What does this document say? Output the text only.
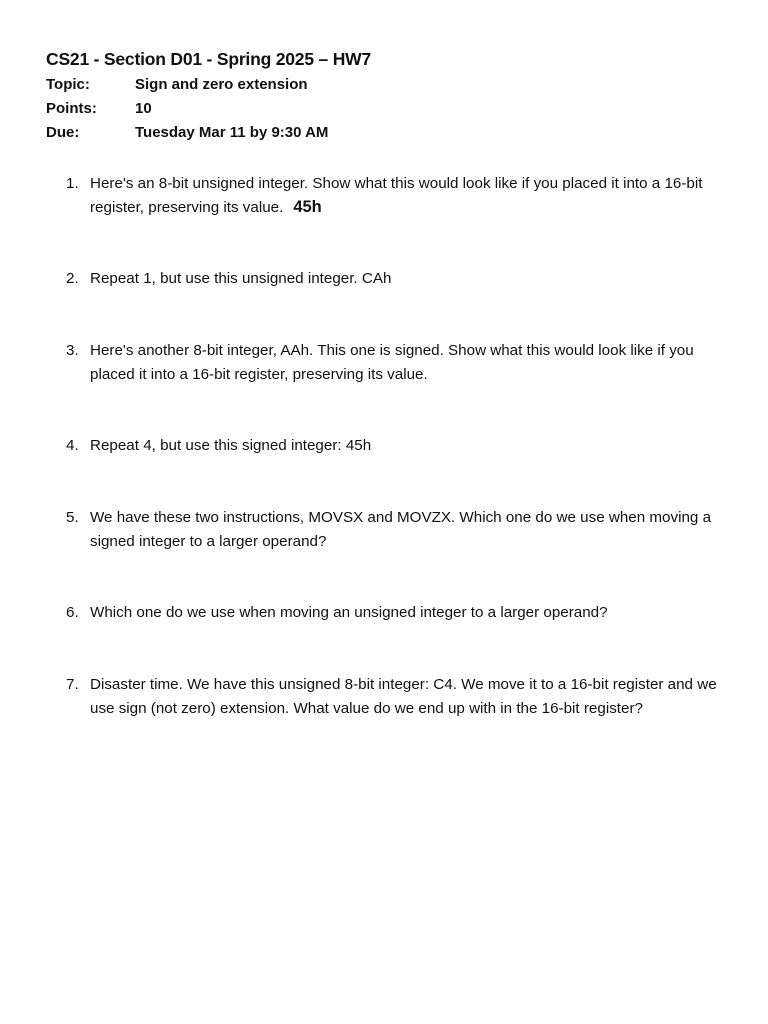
CS21 - Section D01 - Spring 2025 – HW7
Topic:	Sign and zero extension
Points:	10
Due:	Tuesday Mar 11 by 9:30 AM
1. Here's an 8-bit unsigned integer. Show what this would look like if you placed it into a 16-bit register, preserving its value. 45h
2. Repeat 1, but use this unsigned integer. CAh
3. Here's another 8-bit integer, AAh. This one is signed. Show what this would look like if you placed it into a 16-bit register, preserving its value.
4. Repeat 4, but use this signed integer: 45h
5. We have these two instructions, MOVSX and MOVZX. Which one do we use when moving a signed integer to a larger operand?
6. Which one do we use when moving an unsigned integer to a larger operand?
7. Disaster time. We have this unsigned 8-bit integer: C4. We move it to a 16-bit register and we use sign (not zero) extension. What value do we end up with in the 16-bit register?
